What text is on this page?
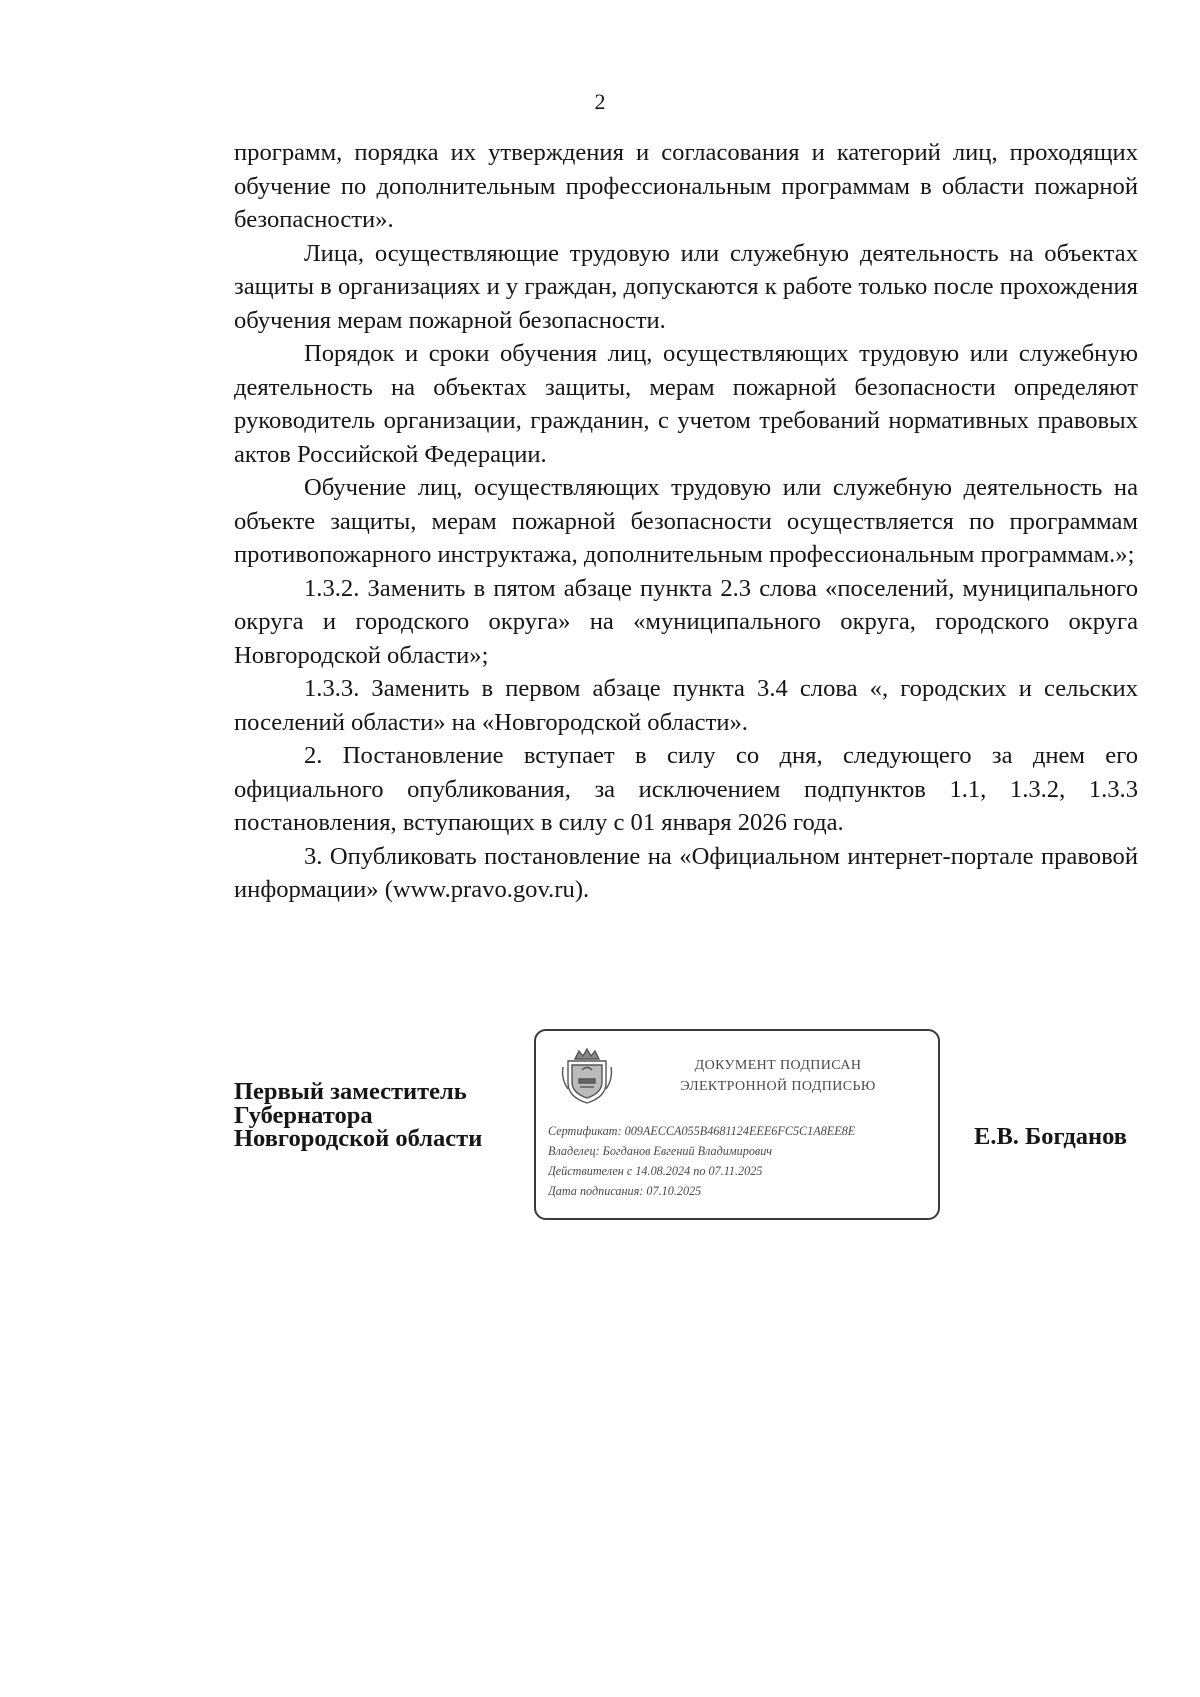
2

программ, порядка их утверждения и согласования и категорий лиц, проходящих обучение по дополнительным профессиональным программам в области пожарной безопасности».

Лица, осуществляющие трудовую или служебную деятельность на объектах защиты в организациях и у граждан, допускаются к работе только после прохождения обучения мерам пожарной безопасности.

Порядок и сроки обучения лиц, осуществляющих трудовую или служебную деятельность на объектах защиты, мерам пожарной безопасности определяют руководитель организации, гражданин, с учетом требований нормативных правовых актов Российской Федерации.

Обучение лиц, осуществляющих трудовую или служебную деятельность на объекте защиты, мерам пожарной безопасности осуществляется по программам противопожарного инструктажа, дополнительным профессиональным программам.»;

1.3.2. Заменить в пятом абзаце пункта 2.3 слова «поселений, муниципального округа и городского округа» на «муниципального округа, городского округа Новгородской области»;

1.3.3. Заменить в первом абзаце пункта 3.4 слова «, городских и сельских поселений области» на «Новгородской области».

2. Постановление вступает в силу со дня, следующего за днем его официального опубликования, за исключением подпунктов 1.1, 1.3.2, 1.3.3 постановления, вступающих в силу с 01 января 2026 года.

3. Опубликовать постановление на «Официальном интернет-портале правовой информации» (www.pravo.gov.ru).

Первый заместитель
Губернатора
Новгородской области
ДОКУМЕНТ ПОДПИСАН
ЭЛЕКТРОННОЙ ПОДПИСЬЮ
Сертификат: 009AECCA055B4681124EEE6FC5C1A8EE8E
Владелец: Богданов Евгений Владимирович
Действителен с 14.08.2024 по 07.11.2025
Дата подписания: 07.10.2025
Е.В. Богданов
